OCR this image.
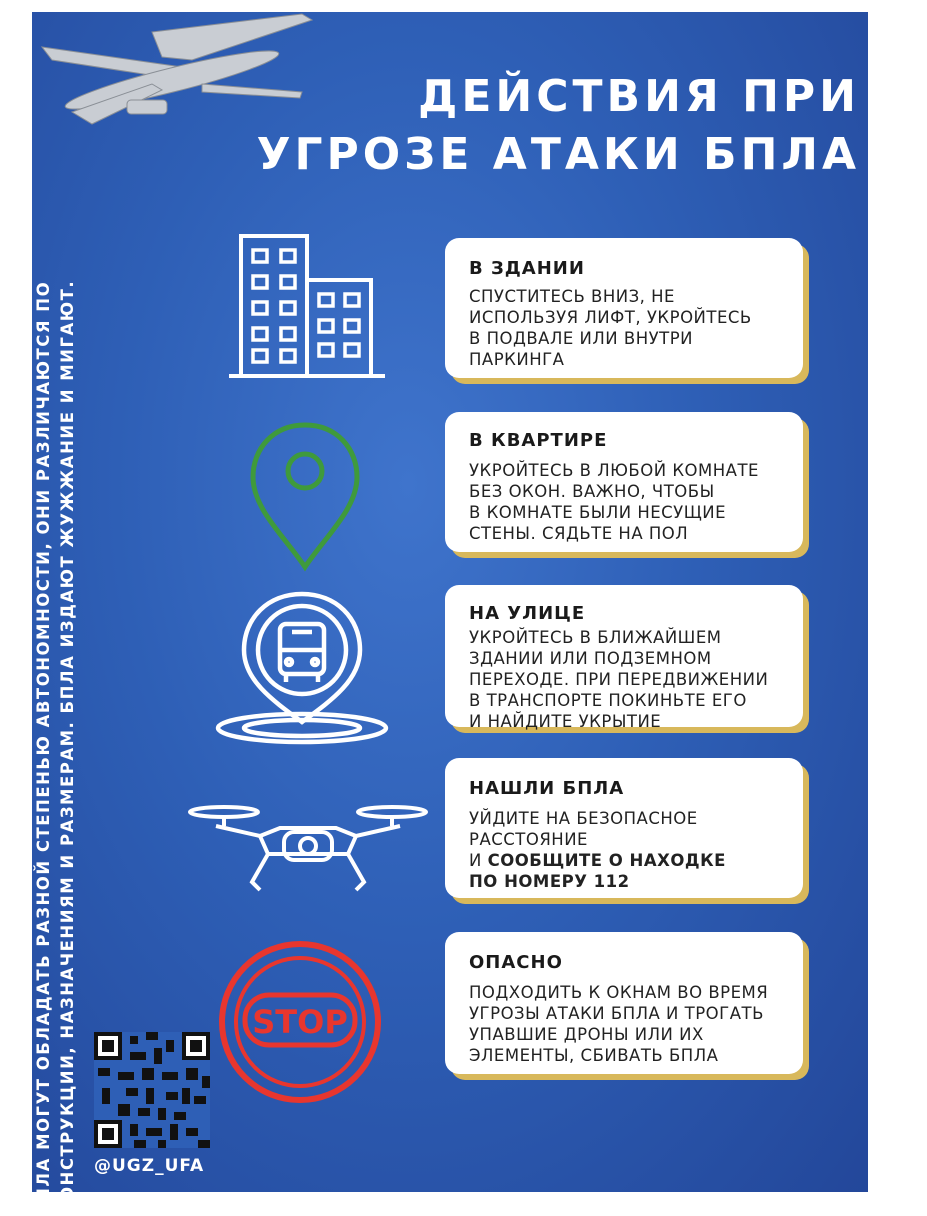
ДЕЙСТВИЯ ПРИ
УГРОЗЕ АТАКИ БПЛА
БПЛА МОГУТ ОБЛАДАТЬ РАЗНОЙ СТЕПЕНЬЮ АВТОНОМНОСТИ, ОНИ РАЗЛИЧАЮТСЯ ПО КОНСТРУКЦИИ, НАЗНАЧЕНИЯМ И РАЗМЕРАМ. БПЛА ИЗДАЮТ ЖУЖЖАНИЕ И МИГАЮТ.	STOP
В ЗДАНИИ
СПУСТИТЕСЬ ВНИЗ, НЕ
ИСПОЛЬЗУЯ ЛИФТ, УКРОЙТЕСЬ
В ПОДВАЛЕ ИЛИ ВНУТРИ
ПАРКИНГА
В КВАРТИРЕ
УКРОЙТЕСЬ В ЛЮБОЙ КОМНАТЕ
БЕЗ ОКОН. ВАЖНО, ЧТОБЫ
В КОМНАТЕ БЫЛИ НЕСУЩИЕ
СТЕНЫ. СЯДЬТЕ НА ПОЛ
НА УЛИЦЕ
УКРОЙТЕСЬ В БЛИЖАЙШЕМ
ЗДАНИИ ИЛИ ПОДЗЕМНОМ
ПЕРЕХОДЕ. ПРИ ПЕРЕДВИЖЕНИИ
В ТРАНСПОРТЕ ПОКИНЬТЕ ЕГО
И НАЙДИТЕ УКРЫТИЕ
НАШЛИ БПЛА
УЙДИТЕ НА БЕЗОПАСНОЕ
РАССТОЯНИЕ
И СООБЩИТЕ О НАХОДКЕ
ПО НОМЕРУ 112
ОПАСНО
ПОДХОДИТЬ К ОКНАМ ВО ВРЕМЯ
УГРОЗЫ АТАКИ БПЛА И ТРОГАТЬ
УПАВШИЕ ДРОНЫ ИЛИ ИХ
ЭЛЕМЕНТЫ, СБИВАТЬ БПЛА
@UGZ_UFA
